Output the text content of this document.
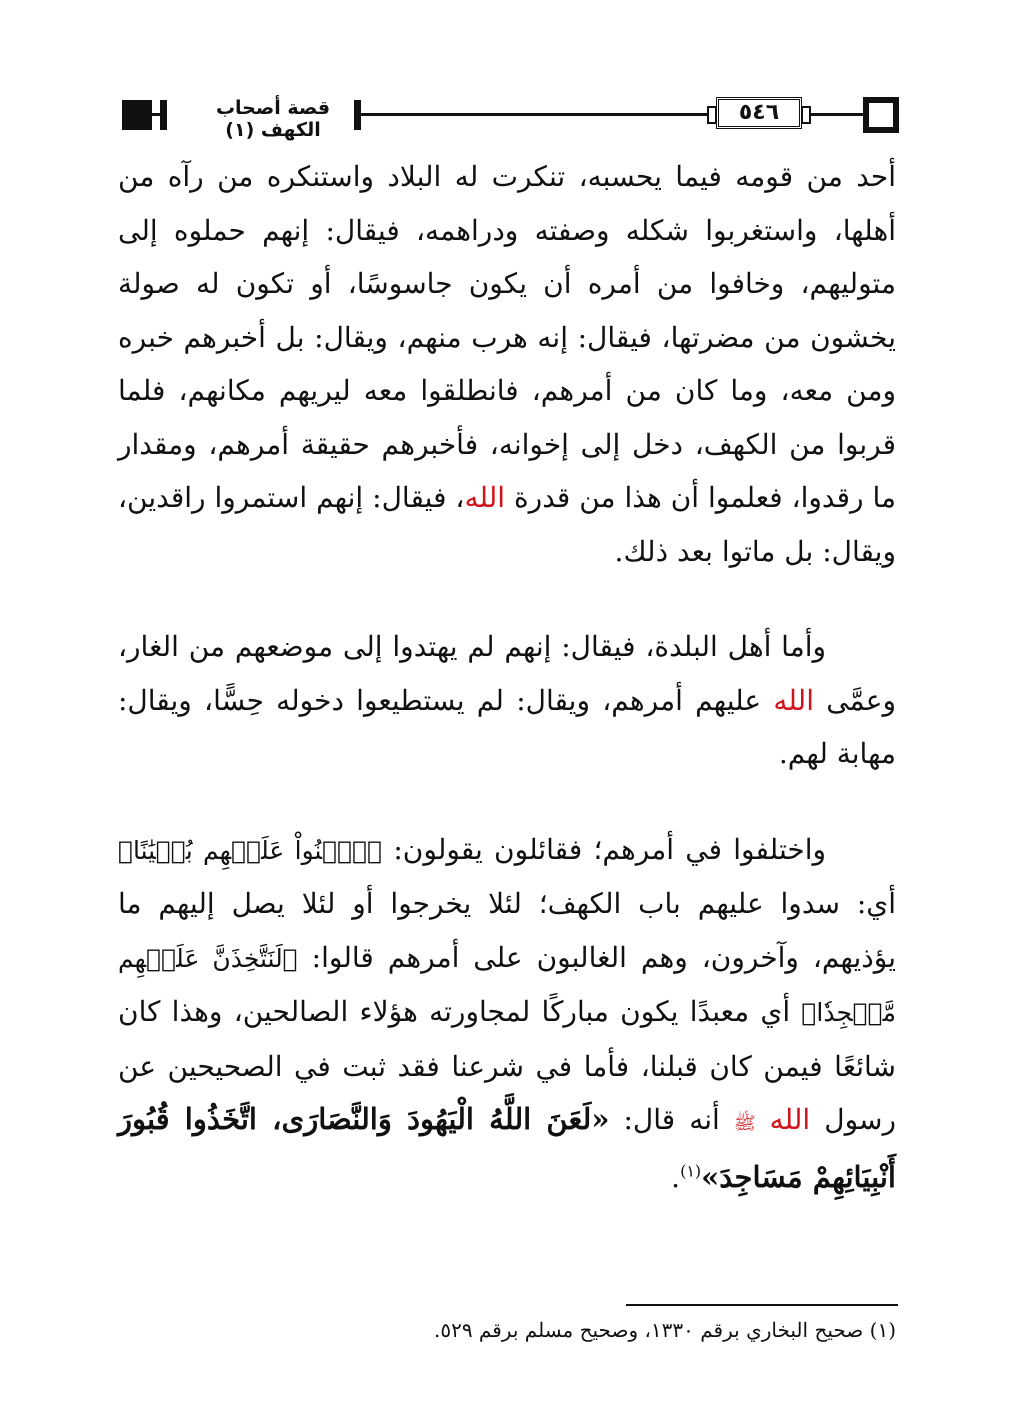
قصة أصحاب الكهف (١)
٥٤٦

أحد من قومه فيما يحسبه، تنكرت له البلاد واستنكره من رآه من أهلها، واستغربوا شكله وصفته ودراهمه، فيقال: إنهم حملوه إلى متوليهم، وخافوا من أمره أن يكون جاسوسًا، أو تكون له صولة يخشون من مضرتها، فيقال: إنه هرب منهم، ويقال: بل أخبرهم خبره ومن معه، وما كان من أمرهم، فانطلقوا معه ليريهم مكانهم، فلما قربوا من الكهف، دخل إلى إخوانه، فأخبرهم حقيقة أمرهم، ومقدار ما رقدوا، فعلموا أن هذا من قدرة الله، فيقال: إنهم استمروا راقدين، ويقال: بل ماتوا بعد ذلك.

وأما أهل البلدة، فيقال: إنهم لم يهتدوا إلى موضعهم من الغار، وعمَّى الله عليهم أمرهم، ويقال: لم يستطيعوا دخوله حِسًّا، ويقال: مهابة لهم.

واختلفوا في أمرهم؛ فقائلون يقولون: ﴿ٱبۡنُواْ عَلَيۡهِم بُنۡيَٰنًا﴾ أي: سدوا عليهم باب الكهف؛ لئلا يخرجوا أو لئلا يصل إليهم ما يؤذيهم، وآخرون، وهم الغالبون على أمرهم قالوا: ﴿لَنَتَّخِذَنَّ عَلَيۡهِم مَّسۡجِدٗا﴾ أي معبدًا يكون مباركًا لمجاورته هؤلاء الصالحين، وهذا كان شائعًا فيمن كان قبلنا، فأما في شرعنا فقد ثبت في الصحيحين عن رسول الله ﷺ أنه قال: «لَعَنَ اللَّهُ الْيَهُودَ وَالنَّصَارَى، اتَّخَذُوا قُبُورَ أَنْبِيَائِهِمْ مَسَاجِدَ»$^{(١)}$.

(١) صحيح البخاري برقم ١٣٣٠، وصحيح مسلم برقم ٥٢٩.
